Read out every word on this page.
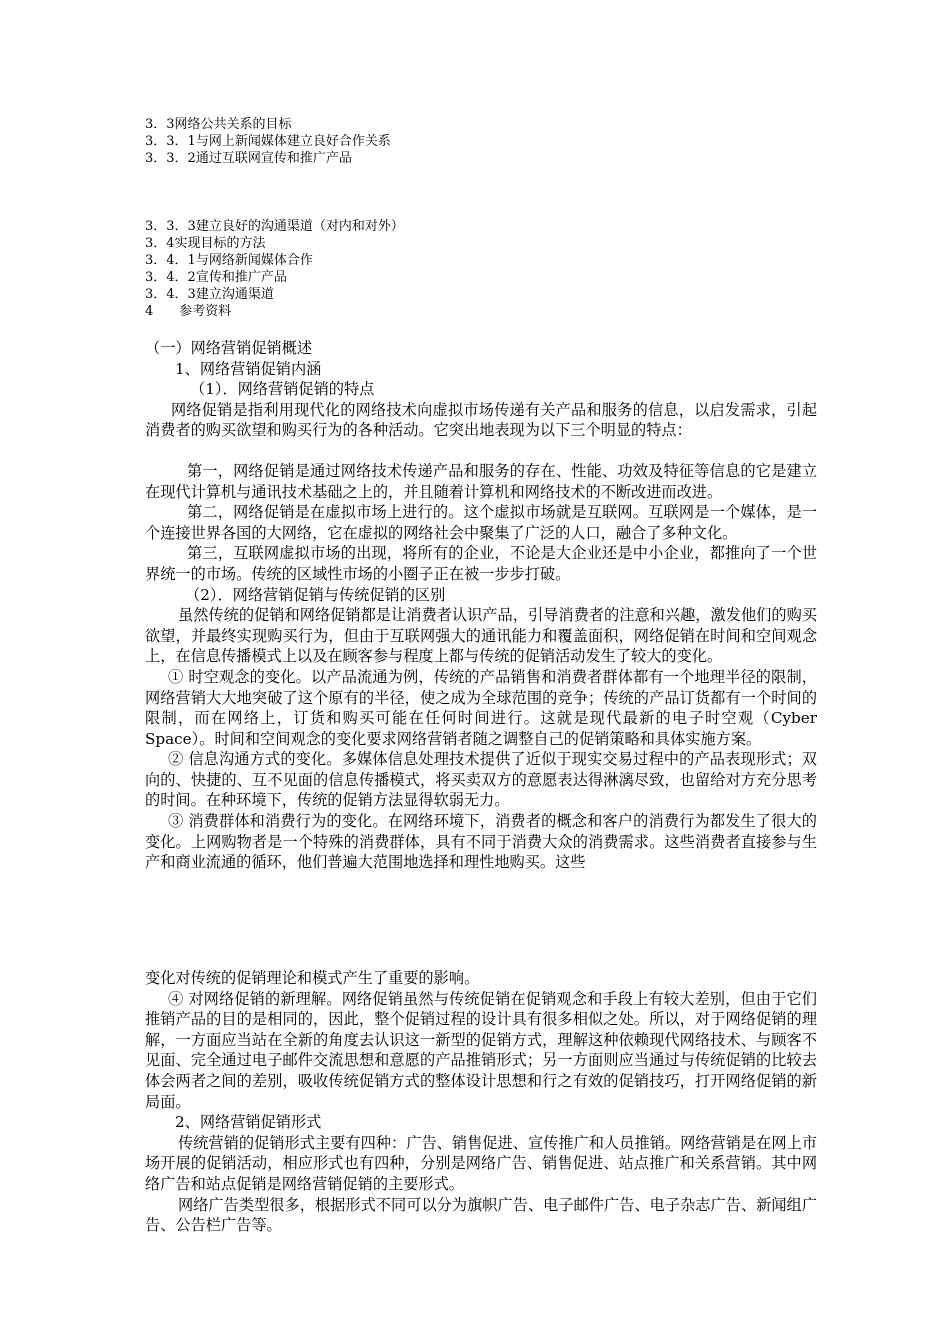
3．3网络公共关系的目标
3．3．1与网上新闻媒体建立良好合作关系
3．3．2通过互联网宣传和推广产品
3．3．3建立良好的沟通渠道（对内和对外）
3．4实现目标的方法
3．4．1与网络新闻媒体合作
3．4．2宣传和推广产品
3．4．3建立沟通渠道
4　　参考资料

（一）网络营销促销概述

1、网络营销促销内涵

（1）．网络营销促销的特点

网络促销是指利用现代化的网络技术向虚拟市场传递有关产品和服务的信息，以启发需求，引起消费者的购买欲望和购买行为的各种活动。它突出地表现为以下三个明显的特点：

第一，网络促销是通过网络技术传递产品和服务的存在、性能、功效及特征等信息的它是建立在现代计算机与通讯技术基础之上的，并且随着计算机和网络技术的不断改进而改进。

第二，网络促销是在虚拟市场上进行的。这个虚拟市场就是互联网。互联网是一个媒体，是一个连接世界各国的大网络，它在虚拟的网络社会中聚集了广泛的人口，融合了多种文化。

第三，互联网虚拟市场的出现，将所有的企业，不论是大企业还是中小企业，都推向了一个世界统一的市场。传统的区域性市场的小圈子正在被一步步打破。

（2）．网络营销促销与传统促销的区别

虽然传统的促销和网络促销都是让消费者认识产品，引导消费者的注意和兴趣，激发他们的购买欲望，并最终实现购买行为，但由于互联网强大的通讯能力和覆盖面积，网络促销在时间和空间观念上，在信息传播模式上以及在顾客参与程度上都与传统的促销活动发生了较大的变化。

① 时空观念的变化。以产品流通为例，传统的产品销售和消费者群体都有一个地理半径的限制，网络营销大大地突破了这个原有的半径，使之成为全球范围的竞争；传统的产品订货都有一个时间的限制，而在网络上，订货和购买可能在任何时间进行。这就是现代最新的电子时空观（Cyber Space）。时间和空间观念的变化要求网络营销者随之调整自己的促销策略和具体实施方案。

② 信息沟通方式的变化。多媒体信息处理技术提供了近似于现实交易过程中的产品表现形式；双向的、快捷的、互不见面的信息传播模式，将买卖双方的意愿表达得淋漓尽致，也留给对方充分思考的时间。在种环境下，传统的促销方法显得软弱无力。

③ 消费群体和消费行为的变化。在网络环境下，消费者的概念和客户的消费行为都发生了很大的变化。上网购物者是一个特殊的消费群体，具有不同于消费大众的消费需求。这些消费者直接参与生产和商业流通的循环，他们普遍大范围地选择和理性地购买。这些

变化对传统的促销理论和模式产生了重要的影响。

④ 对网络促销的新理解。网络促销虽然与传统促销在促销观念和手段上有较大差别，但由于它们推销产品的目的是相同的，因此，整个促销过程的设计具有很多相似之处。所以，对于网络促销的理解，一方面应当站在全新的角度去认识这一新型的促销方式，理解这种依赖现代网络技术、与顾客不见面、完全通过电子邮件交流思想和意愿的产品推销形式；另一方面则应当通过与传统促销的比较去体会两者之间的差别，吸收传统促销方式的整体设计思想和行之有效的促销技巧，打开网络促销的新局面。

2、网络营销促销形式

传统营销的促销形式主要有四种：广告、销售促进、宣传推广和人员推销。网络营销是在网上市场开展的促销活动，相应形式也有四种，分别是网络广告、销售促进、站点推广和关系营销。其中网络广告和站点促销是网络营销促销的主要形式。

网络广告类型很多，根据形式不同可以分为旗帜广告、电子邮件广告、电子杂志广告、新闻组广告、公告栏广告等。
